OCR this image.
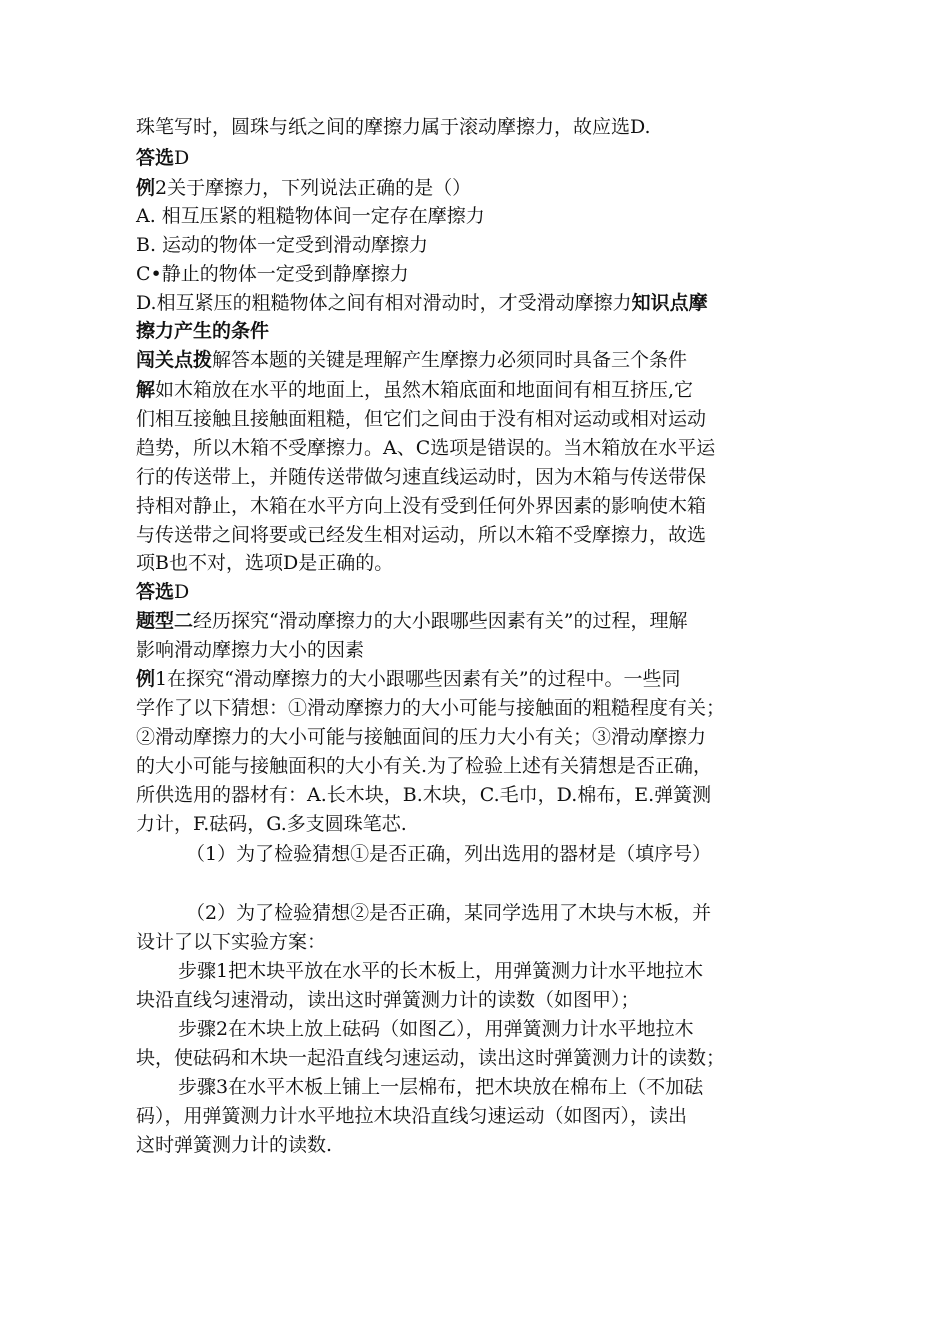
珠笔写时，圆珠与纸之间的摩擦力属于滚动摩擦力，故应选D.
答选D
例2关于摩擦力，下列说法正确的是（）
A. 相互压紧的粗糙物体间一定存在摩擦力
B. 运动的物体一定受到滑动摩擦力
C•静止的物体一定受到静摩擦力
D.相互紧压的粗糙物体之间有相对滑动时，才受滑动摩擦力知识点摩
擦力产生的条件
闯关点拨解答本题的关键是理解产生摩擦力必须同时具备三个条件
解如木箱放在水平的地面上，虽然木箱底面和地面间有相互挤压,它
们相互接触且接触面粗糙，但它们之间由于没有相对运动或相对运动
趋势，所以木箱不受摩擦力。A、C选项是错误的。当木箱放在水平运
行的传送带上，并随传送带做匀速直线运动时，因为木箱与传送带保
持相对静止，木箱在水平方向上没有受到任何外界因素的影响使木箱
与传送带之间将要或已经发生相对运动，所以木箱不受摩擦力，故选
项B也不对，选项D是正确的。
答选D
题型二经历探究“滑动摩擦力的大小跟哪些因素有关”的过程，理解
影响滑动摩擦力大小的因素
例1在探究“滑动摩擦力的大小跟哪些因素有关”的过程中。一些同
学作了以下猜想：①滑动摩擦力的大小可能与接触面的粗糙程度有关；
②滑动摩擦力的大小可能与接触面间的压力大小有关；③滑动摩擦力
的大小可能与接触面积的大小有关.为了检验上述有关猜想是否正确，
所供选用的器材有：A.长木块，B.木块，C.毛巾，D.棉布，E.弹簧测
力计，F.砝码，G.多支圆珠笔芯.
（1）为了检验猜想①是否正确，列出选用的器材是（填序号）
（2）为了检验猜想②是否正确，某同学选用了木块与木板，并
设计了以下实验方案：
步骤1把木块平放在水平的长木板上，用弹簧测力计水平地拉木
块沿直线匀速滑动，读出这时弹簧测力计的读数（如图甲）；
步骤2在木块上放上砝码（如图乙），用弹簧测力计水平地拉木
块，使砝码和木块一起沿直线匀速运动，读出这时弹簧测力计的读数；
步骤3在水平木板上铺上一层棉布，把木块放在棉布上（不加砝
码），用弹簧测力计水平地拉木块沿直线匀速运动（如图丙），读出
这时弹簧测力计的读数.
